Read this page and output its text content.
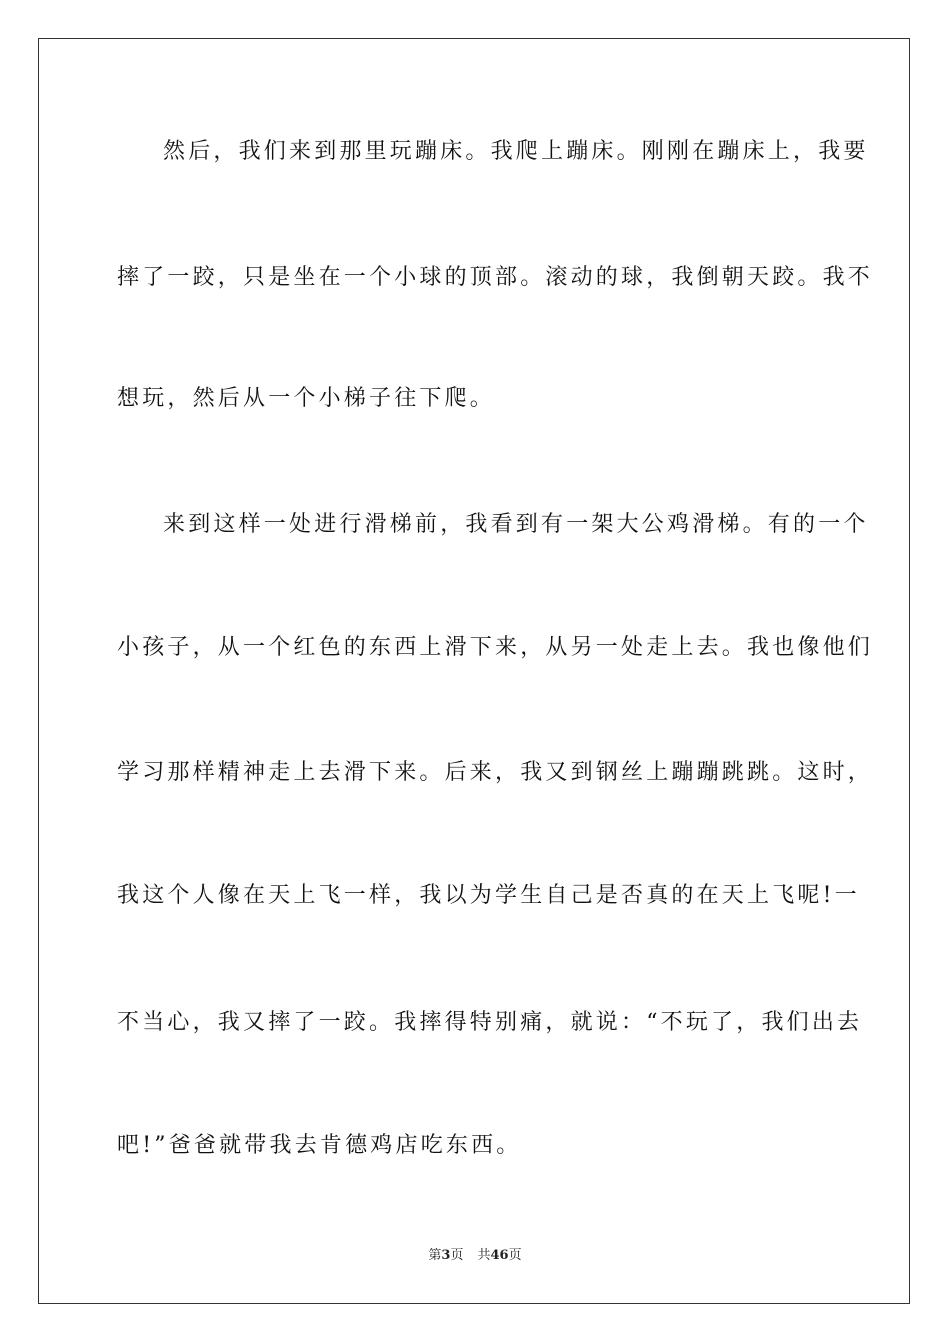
然后，我们来到那里玩蹦床。我爬上蹦床。刚刚在蹦床上，我要
摔了一跤，只是坐在一个小球的顶部。滚动的球，我倒朝天跤。我不
想玩，然后从一个小梯子往下爬。
来到这样一处进行滑梯前，我看到有一架大公鸡滑梯。有的一个
小孩子，从一个红色的东西上滑下来，从另一处走上去。我也像他们
学习那样精神走上去滑下来。后来，我又到钢丝上蹦蹦跳跳。这时，
我这个人像在天上飞一样，我以为学生自己是否真的在天上飞呢!一
不当心，我又摔了一跤。我摔得特别痛，就说：“不玩了，我们出去
吧!”爸爸就带我去肯德鸡店吃东西。
第3页 共46页
